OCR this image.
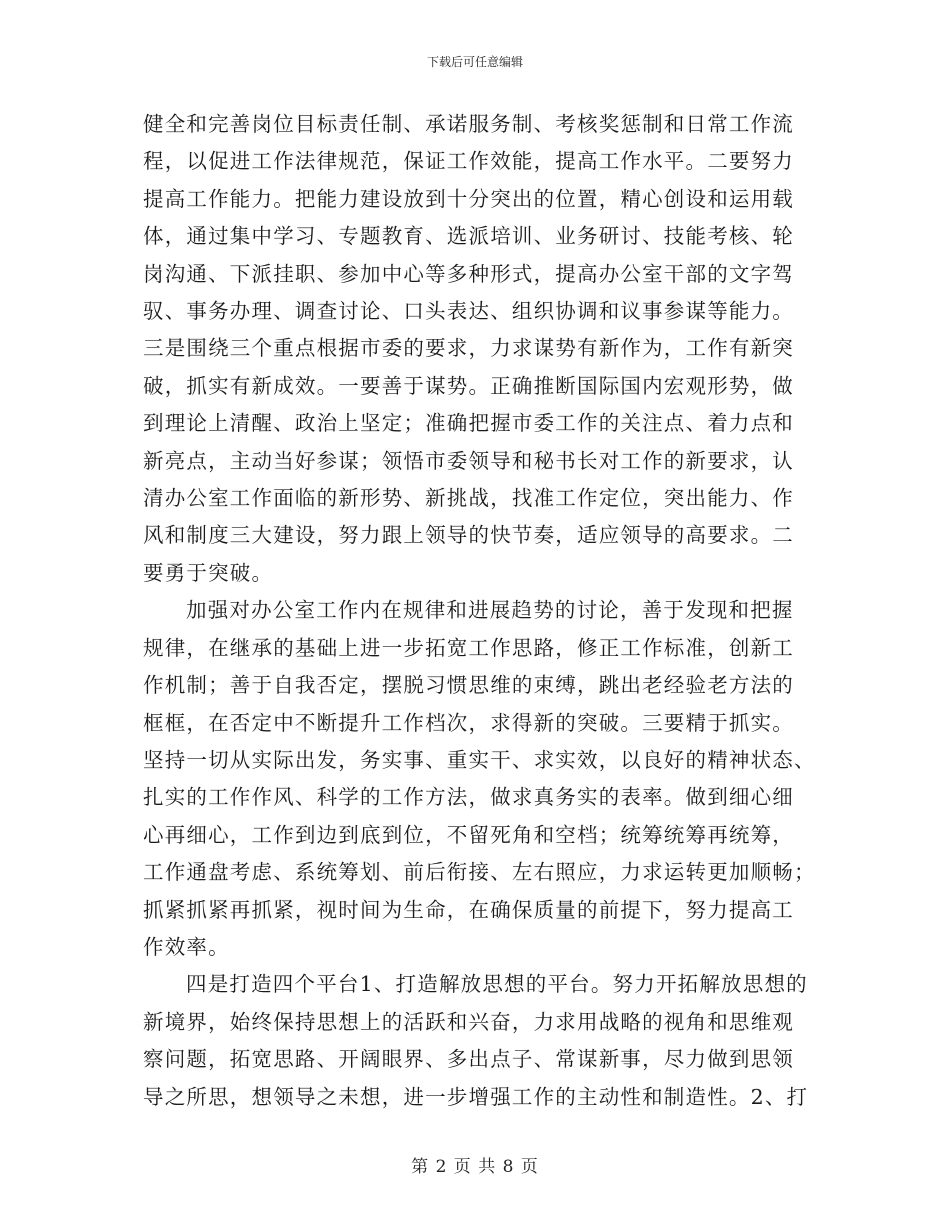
下载后可任意编辑

健全和完善岗位目标责任制、承诺服务制、考核奖惩制和日常工作流
程，以促进工作法律规范，保证工作效能，提高工作水平。二要努力
提高工作能力。把能力建设放到十分突出的位置，精心创设和运用载
体，通过集中学习、专题教育、选派培训、业务研讨、技能考核、轮
岗沟通、下派挂职、参加中心等多种形式，提高办公室干部的文字驾
驭、事务办理、调查讨论、口头表达、组织协调和议事参谋等能力。
三是围绕三个重点根据市委的要求，力求谋势有新作为，工作有新突
破，抓实有新成效。一要善于谋势。正确推断国际国内宏观形势，做
到理论上清醒、政治上坚定；准确把握市委工作的关注点、着力点和
新亮点，主动当好参谋；领悟市委领导和秘书长对工作的新要求，认
清办公室工作面临的新形势、新挑战，找准工作定位，突出能力、作
风和制度三大建设，努力跟上领导的快节奏，适应领导的高要求。二
要勇于突破。

加强对办公室工作内在规律和进展趋势的讨论，善于发现和把握
规律，在继承的基础上进一步拓宽工作思路，修正工作标准，创新工
作机制；善于自我否定，摆脱习惯思维的束缚，跳出老经验老方法的
框框，在否定中不断提升工作档次，求得新的突破。三要精于抓实。
坚持一切从实际出发，务实事、重实干、求实效，以良好的精神状态、
扎实的工作作风、科学的工作方法，做求真务实的表率。做到细心细
心再细心，工作到边到底到位，不留死角和空档；统筹统筹再统筹，
工作通盘考虑、系统筹划、前后衔接、左右照应，力求运转更加顺畅；
抓紧抓紧再抓紧，视时间为生命，在确保质量的前提下，努力提高工
作效率。

四是打造四个平台1、打造解放思想的平台。努力开拓解放思想的
新境界，始终保持思想上的活跃和兴奋，力求用战略的视角和思维观
察问题，拓宽思路、开阔眼界、多出点子、常谋新事，尽力做到思领
导之所思，想领导之未想，进一步增强工作的主动性和制造性。2、打

第 2 页 共 8 页
